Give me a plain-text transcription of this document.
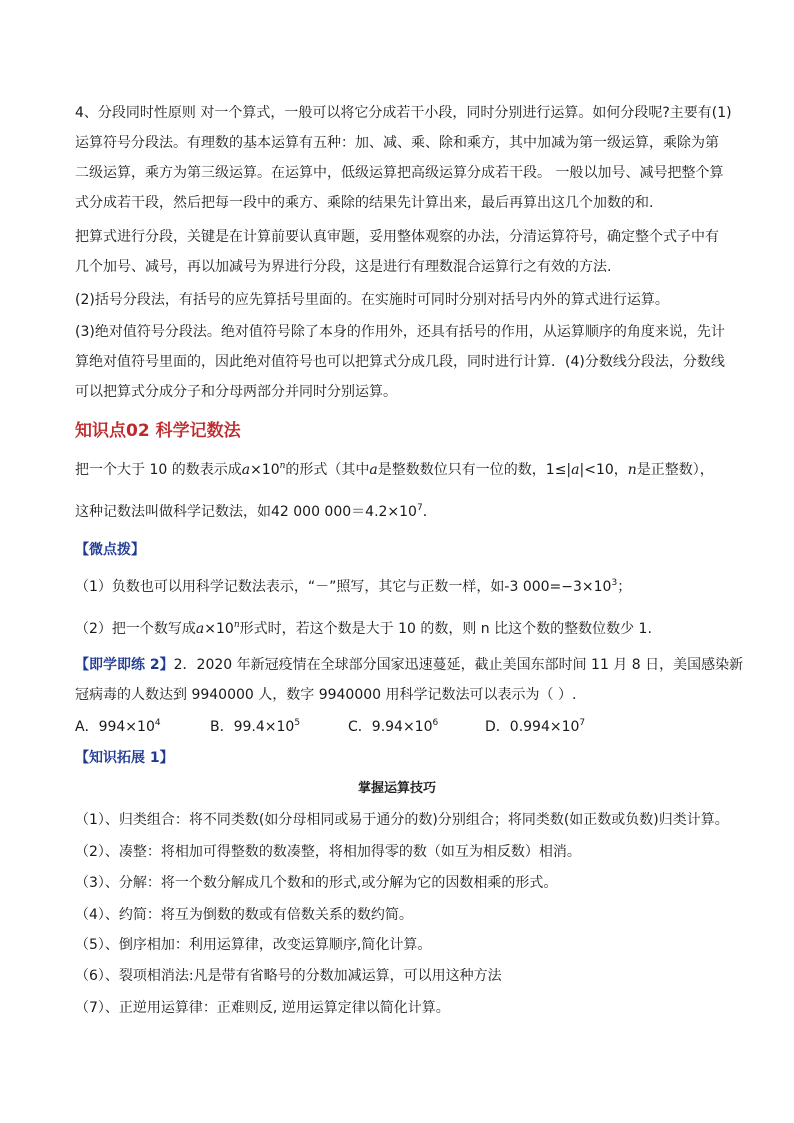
4、分段同时性原则 对一个算式，一般可以将它分成若干小段，同时分别进行运算。如何分段呢?主要有(1)
运算符号分段法。有理数的基本运算有五种：加、减、乘、除和乘方，其中加减为第一级运算，乘除为第
二级运算，乘方为第三级运算。在运算中，低级运算把高级运算分成若干段。 一般以加号、减号把整个算
式分成若干段，然后把每一段中的乘方、乘除的结果先计算出来，最后再算出这几个加数的和.
把算式进行分段，关键是在计算前要认真审题，妥用整体观察的办法，分清运算符号，确定整个式子中有
几个加号、减号，再以加减号为界进行分段，这是进行有理数混合运算行之有效的方法.
(2)括号分段法，有括号的应先算括号里面的。在实施时可同时分别对括号内外的算式进行运算。
(3)绝对值符号分段法。绝对值符号除了本身的作用外，还具有括号的作用，从运算顺序的角度来说，先计
算绝对值符号里面的，因此绝对值符号也可以把算式分成几段，同时进行计算．(4)分数线分段法，分数线
可以把算式分成分子和分母两部分并同时分别运算。
知识点02 科学记数法
把一个大于 10 的数表示成$a\times 10^n$的形式（其中a是整数数位只有一位的数，1≤|a|<10，n是正整数），
这种记数法叫做科学记数法，如42 000 $000=4.2\times 10^7$．
【微点拨】
（1）负数也可以用科学记数法表示，“－”照写，其它与正数一样，如-3 $000=-3\times 10^3$；
（2）把一个数写成$a\times 10^n$形式时，若这个数是大于 10 的数，则 n 比这个数的整数位数少 1.
【即学即练 2】2．2020 年新冠疫情在全球部分国家迅速蔓延，截止美国东部时间 11 月 8 日，美国感染新
冠病毒的人数达到 9940000 人，数字 9940000 用科学记数法可以表示为（ ）.
A．$994\times 10^4$	B．$99.4\times 10^5$	C．$9.94\times 10^6$	D．$0.994\times 10^7$
【知识拓展 1】
掌握运算技巧
（1）、归类组合：将不同类数(如分母相同或易于通分的数)分别组合；将同类数(如正数或负数)归类计算。
（2）、凑整：将相加可得整数的数凑整，将相加得零的数（如互为相反数）相消。
（3）、分解：将一个数分解成几个数和的形式,或分解为它的因数相乘的形式。
（4）、约简：将互为倒数的数或有倍数关系的数约简。
（5）、倒序相加：利用运算律，改变运算顺序,简化计算。
（6）、裂项相消法:凡是带有省略号的分数加减运算，可以用这种方法
（7）、正逆用运算律：正难则反, 逆用运算定律以简化计算。
